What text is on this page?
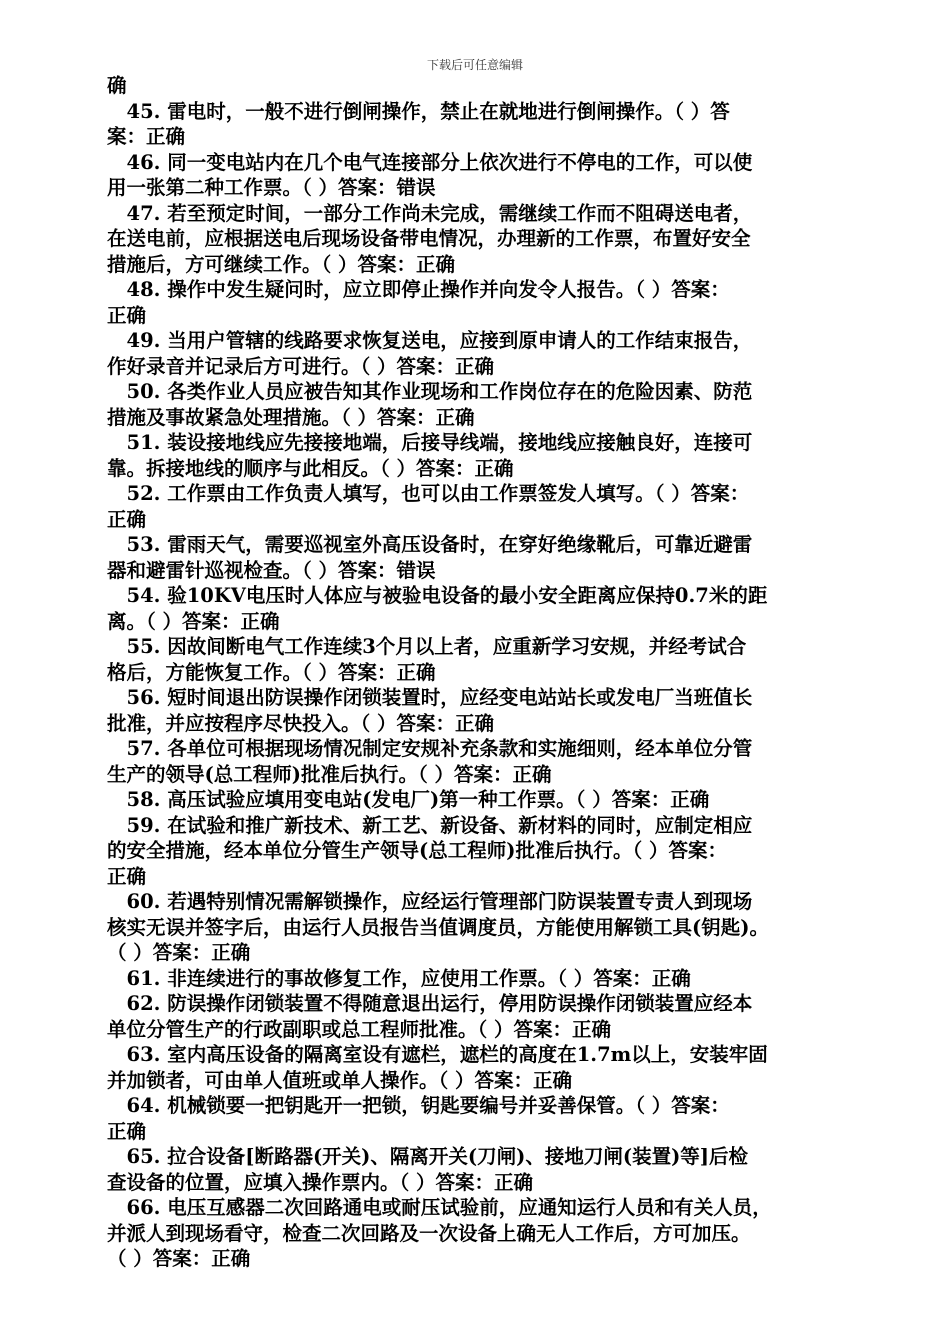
下载后可任意编辑
确
　45. 雷电时，一般不进行倒闸操作，禁止在就地进行倒闸操作。（ ）答
案：正确
　46. 同一变电站内在几个电气连接部分上依次进行不停电的工作，可以使
用一张第二种工作票。（ ）答案：错误
　47. 若至预定时间，一部分工作尚未完成，需继续工作而不阻碍送电者，
在送电前，应根据送电后现场设备带电情况，办理新的工作票，布置好安全
措施后，方可继续工作。（ ）答案：正确
　48. 操作中发生疑问时，应立即停止操作并向发令人报告。（ ）答案：
正确
　49. 当用户管辖的线路要求恢复送电，应接到原申请人的工作结束报告，
作好录音并记录后方可进行。（ ）答案：正确
　50. 各类作业人员应被告知其作业现场和工作岗位存在的危险因素、防范
措施及事故紧急处理措施。（ ）答案：正确
　51. 装设接地线应先接接地端，后接导线端，接地线应接触良好，连接可
靠。拆接地线的顺序与此相反。（ ）答案：正确
　52. 工作票由工作负责人填写，也可以由工作票签发人填写。（ ）答案：
正确
　53. 雷雨天气，需要巡视室外高压设备时，在穿好绝缘靴后，可靠近避雷
器和避雷针巡视检查。（ ）答案：错误
　54. 验10KV电压时人体应与被验电设备的最小安全距离应保持0.7米的距
离。（ ）答案：正确
　55. 因故间断电气工作连续3个月以上者，应重新学习安规，并经考试合
格后，方能恢复工作。（ ）答案：正确
　56. 短时间退出防误操作闭锁装置时，应经变电站站长或发电厂当班值长
批准，并应按程序尽快投入。（ ）答案：正确
　57. 各单位可根据现场情况制定安规补充条款和实施细则，经本单位分管
生产的领导(总工程师)批准后执行。（ ）答案：正确
　58. 高压试验应填用变电站(发电厂)第一种工作票。（ ）答案：正确
　59. 在试验和推广新技术、新工艺、新设备、新材料的同时，应制定相应
的安全措施，经本单位分管生产领导(总工程师)批准后执行。（ ）答案：
正确
　60. 若遇特别情况需解锁操作，应经运行管理部门防误装置专责人到现场
核实无误并签字后，由运行人员报告当值调度员，方能使用解锁工具(钥匙)。
（ ）答案：正确
　61. 非连续进行的事故修复工作，应使用工作票。（ ）答案：正确
　62. 防误操作闭锁装置不得随意退出运行，停用防误操作闭锁装置应经本
单位分管生产的行政副职或总工程师批准。（ ）答案：正确
　63. 室内高压设备的隔离室设有遮栏，遮栏的高度在1.7m以上，安装牢固
并加锁者，可由单人值班或单人操作。（ ）答案：正确
　64. 机械锁要一把钥匙开一把锁，钥匙要编号并妥善保管。（ ）答案：
正确
　65. 拉合设备[断路器(开关)、隔离开关(刀闸)、接地刀闸(装置)等]后检
查设备的位置，应填入操作票内。（ ）答案：正确
　66. 电压互感器二次回路通电或耐压试验前，应通知运行人员和有关人员，
并派人到现场看守，检查二次回路及一次设备上确无人工作后，方可加压。
（ ）答案：正确
